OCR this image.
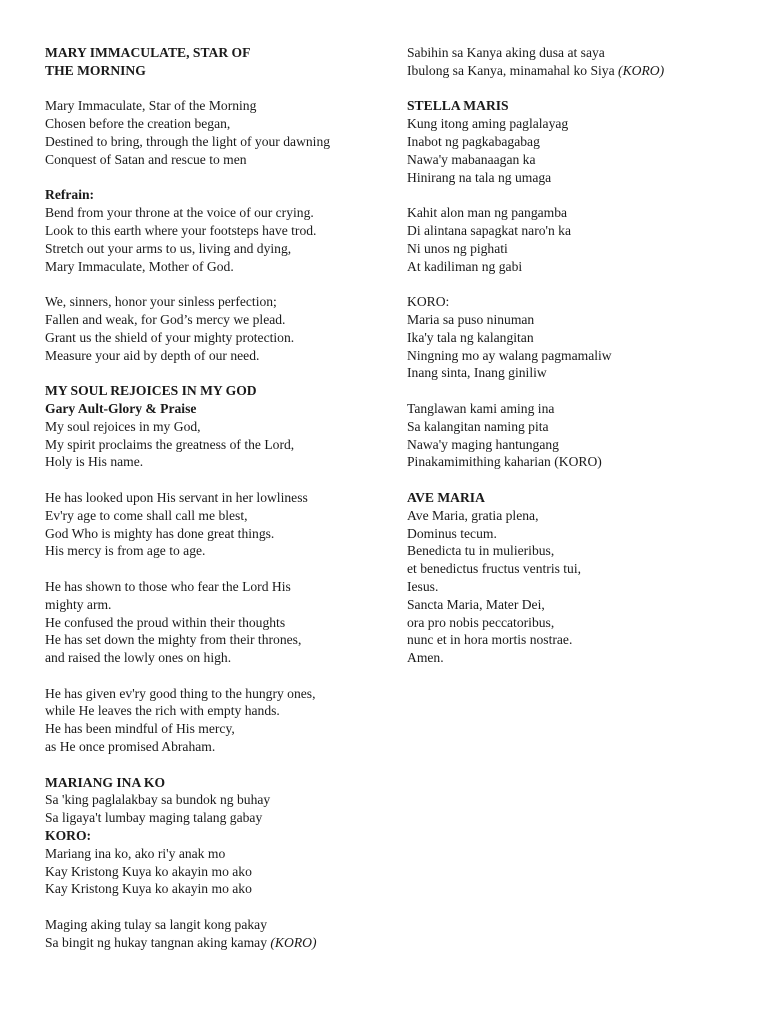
MARY IMMACULATE, STAR OF
THE MORNING
Mary Immaculate, Star of the Morning
Chosen before the creation began,
Destined to bring, through the light of your dawning
Conquest of Satan and rescue to men
Refrain:
Bend from your throne at the voice of our crying.
Look to this earth where your footsteps have trod.
Stretch out your arms to us, living and dying,
Mary Immaculate, Mother of God.
We, sinners, honor your sinless perfection;
Fallen and weak, for God’s mercy we plead.
Grant us the shield of your mighty protection.
Measure your aid by depth of our need.
MY SOUL REJOICES IN MY GOD
Gary Ault-Glory & Praise
My soul rejoices in my God,
My spirit proclaims the greatness of the Lord,
Holy is His name.
He has looked upon His servant in her lowliness
Ev'ry age to come shall call me blest,
God Who is mighty has done great things.
His mercy is from age to age.
He has shown to those who fear the Lord His
mighty arm.
He confused the proud within their thoughts
He has set down the mighty from their thrones,
and raised the lowly ones on high.
He has given ev'ry good thing to the hungry ones,
while He leaves the rich with empty hands.
He has been mindful of His mercy,
as He once promised Abraham.
MARIANG INA KO
Sa 'king paglalakbay sa bundok ng buhay
Sa ligaya't lumbay maging talang gabay
KORO:
Mariang ina ko, ako ri'y anak mo
Kay Kristong Kuya ko akayin mo ako
Kay Kristong Kuya ko akayin mo ako
Maging aking tulay sa langit kong pakay
Sa bingit ng hukay tangnan aking kamay (KORO)
Sabihin sa Kanya aking dusa at saya
Ibulong sa Kanya, minamahal ko Siya (KORO)
STELLA MARIS
Kung itong aming paglalayag
Inabot ng pagkabagabag
Nawa'y mabanaagan ka
Hinirang na tala ng umaga
Kahit alon man ng pangamba
Di alintana sapagkat naro'n ka
Ni unos ng pighati
At kadiliman ng gabi
KORO:
Maria sa puso ninuman
Ika'y tala ng kalangitan
Ningning mo ay walang pagmamaliw
Inang sinta, Inang giniliw
Tanglawan kami aming ina
Sa kalangitan naming pita
Nawa'y maging hantungang
Pinakamimithing kaharian (KORO)
AVE MARIA
Ave Maria, gratia plena,
Dominus tecum.
Benedicta tu in mulieribus,
et benedictus fructus ventris tui,
Iesus.
Sancta Maria, Mater Dei,
ora pro nobis peccatoribus,
nunc et in hora mortis nostrae.
Amen.
